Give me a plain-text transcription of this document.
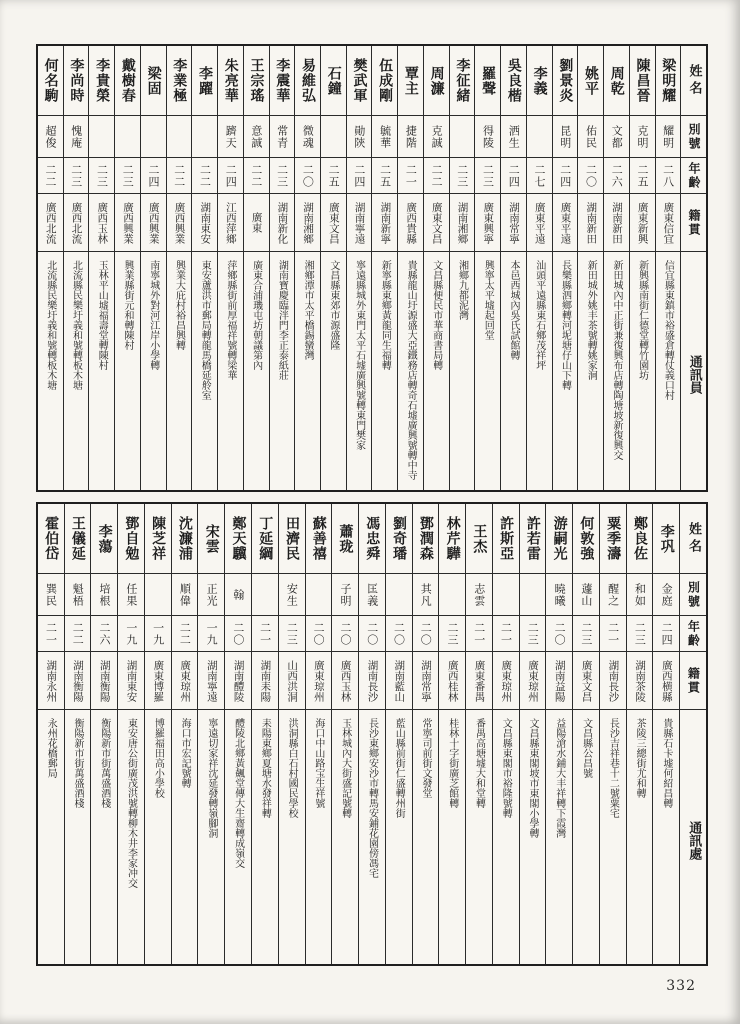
姓名
別號
年齡
籍貫
通訊員
梁明耀
耀明
二八
廣東信宜
信宜縣東鎮市裕盛倉轉仗義口村
陳昌晉
克明
二五
廣東新興
新興縣南街仁德堂轉竹園坊
周乾
文都
二六
湖南新田
新田城內中正街兼復興布店轉陶塘坡新復興交
姚平
佑民
二〇
湖南新田
新田城外姚丰茶號轉姚家涧
劉景炎
昆明
二四
廣東平遠
長樂縣泗鄉轉河坭塘仔山下轉
李義
二七
廣東平遠
汕頭平遠縣東石鄉茂祥坪
吳良楷
洒生
二四
湖南常寧
本邑西城內吳氏試館轉
羅聲
得陵
二三
廣東興寧
興寧太平墟起回堂
李征緒
二三
湖南湘鄉
湘鄉九都泥灣
周濂
克誠
二二
廣東文昌
文昌縣便民市華商書局轉
覃主
捷階
二一
廣西貴縣
貴縣龍山圩源盛大亞鐵務店轉奇石墟廣興號轉中寺
伍成剛
毓華
二五
湖南新寧
新寧縣東鄉黃龍同生福轉
樊武軍
勛陝
二四
湖南寧遠
寧遠縣城外東門太平石墟廣興號轉東門樊家
石鐘
二五
廣東文昌
文昌縣東郊市源盛隆
易維弘
微魂
二〇
湖南湘鄉
湘鄉潭市太平橋錫蠻灣
李震華
常青
二三
湖南新化
湖南寶慶臨泮門李正泰紙莊
王宗瑤
意誠
二二
廣東
廣東合浦璣屯坊朝議第內
朱亮華
躋天
二四
江西萍鄉
萍鄉縣街前厚福祥號轉梁華
李躍
二二
湖南東安
東安蘆洪市郵局轉龍馬橋延舲室
李業極
二二
廣西興業
興業大庇村裕昌興轉
梁固
二四
廣西興業
南寧城外對河江岸小學轉
戴樹春
二三
廣西興業
興業縣街元和轉陳村
李貴榮
二三
廣西玉林
玉林平山墟福壽堂轉陳村
李尚時
愧庵
二三
廣西北流
北流縣民樂圩義和號轉板木塘
何名駒
超俊
二二
廣西北流
北流縣民樂圩義和號轉板木塘
姓名
別號
年齡
籍貫
通訊處
李巩
金庭
二四
廣西横縣
貴縣石卡墟何紹昌轉
鄭良佐
和如
二三
湖南茶陵
茶陵三總街尤和轉
粟季濤
醒之
二一
湖南長沙
長沙吉祥巷十二號粟宅
何敦強
蘧山
二三
廣東文昌
文昌縣公昌號
游嗣光
曉曦
二〇
湖南益陽
益陽滄水鋪大丰祥轉下霞灣
許若雷
二三
廣東琼州
文昌縣東閣坡市東閣小學轉
許斯亞
二一
廣東琼州
文昌縣東閣市裕隆號轉
王杰
志雲
二一
廣東番禺
番禺高塘墟大和堂轉
林芹驊
二三
廣西桂林
桂林十字街廣芝館轉
鄧潤森
其凡
二〇
湖南常寧
常寧司前街文發堂
劉奇璠
二〇
湖南藍山
藍山縣前街仁盛轉州街
馮忠舜
匡義
二〇
湖南長沙
長沙東鄉安沙市轉馬安鋪花園傍馮宅
蕭珑
子明
二〇
廣西玉林
玉林城內大街盛記號轉
蘇善禧
二〇
廣東琼州
海口中山路宝生祥號
田濟民
安生
二三
山西洪洞
洪洞縣白石村國民學校
丁延綱
二一
湖南耒陽
耒陽東鄉夏塘水發祥轉
鄭天驥
翰
二〇
湖南醴陵
醴陵北鄉黃飆堂傳大生齋轉成嶺交
宋雲
正光
一九
湖南寧遠
寧遠切家祥沈延發轉嶺腳洞
沈濂浦
順偉
二二
廣東琼州
海口市宏記號轉
陳芝祥
一九
廣東博羅
博羅福田高小學校
鄧自勉
任果
一九
湖南東安
東安唐公街廣茂洪號轉柳木井李家冲交
李蕩
培根
二六
湖南衡陽
衡陽新市街萬盛酒棧
王儀延
魁梧
二二
湖南衡陽
衡陽新市街萬盛酒棧
霍伯岱
巽民
二一
湖南永州
永州花橋郵局
332
